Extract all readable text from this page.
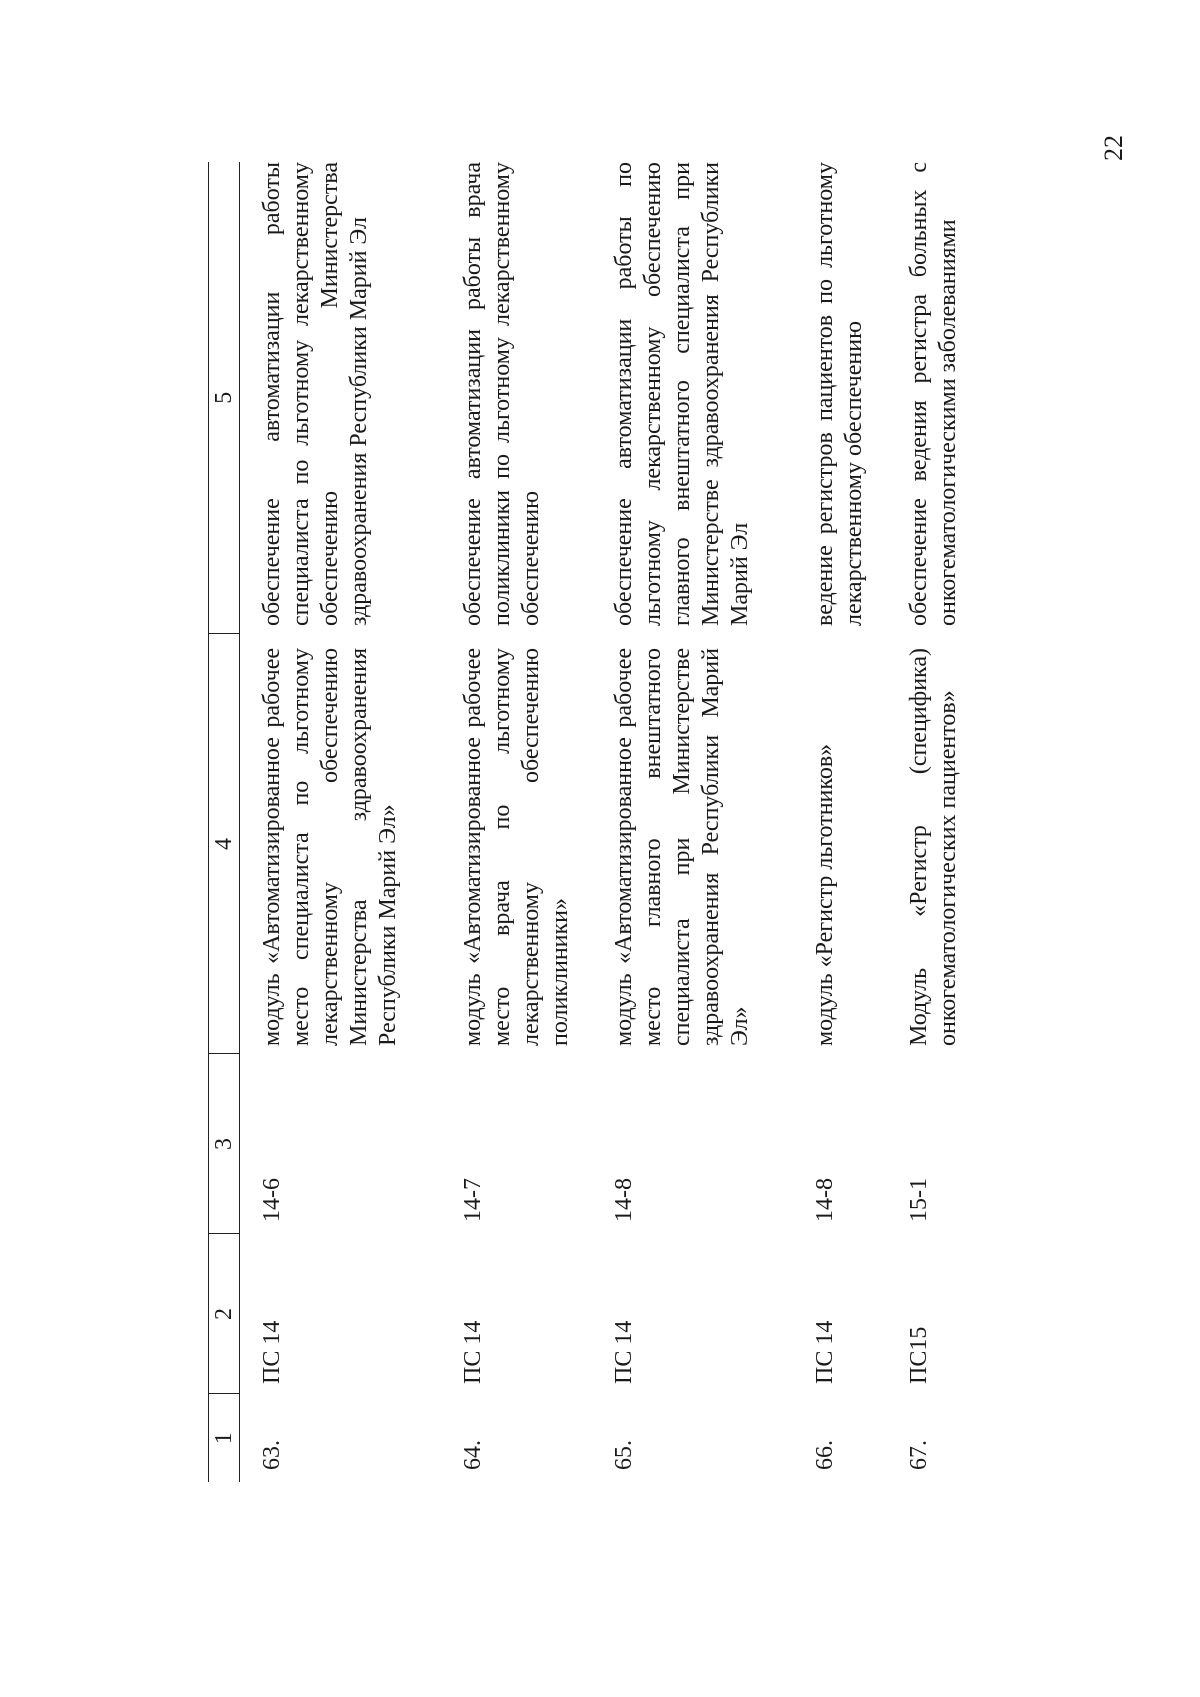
22
1	2	3	4	5
63.	ПС 14	14-6	модуль «Автоматизированное рабочее место специалиста по льготному лекарственному обеспечению Министерства здравоохранения Республики Марий Эл»	обеспечение автоматизации работы специалиста по льготному лекарственному обеспечению Министерства здравоохранения Республики Марий Эл
64.	ПС 14	14-7	модуль «Автоматизированное рабочее место врача по льготному лекарственному обеспечению поликлиники»	обеспечение автоматизации работы врача поликлиники по льготному лекарственному обеспечению
65.	ПС 14	14-8	модуль «Автоматизированное рабочее место главного внештатного специалиста при Министерстве здравоохранения Республики Марий Эл»	обеспечение автоматизации работы по льготному лекарственному обеспечению главного внештатного специалиста при Министерстве здравоохранения Республики Марий Эл
66.	ПС 14	14-8	модуль «Регистр льготников»	ведение регистров пациентов по льготному лекарственному обеспечению
67.	ПС15	15-1	Модуль «Регистр (специфика) онкогематологических пациентов»	обеспечение ведения регистра больных с онкогематологическими заболеваниями
